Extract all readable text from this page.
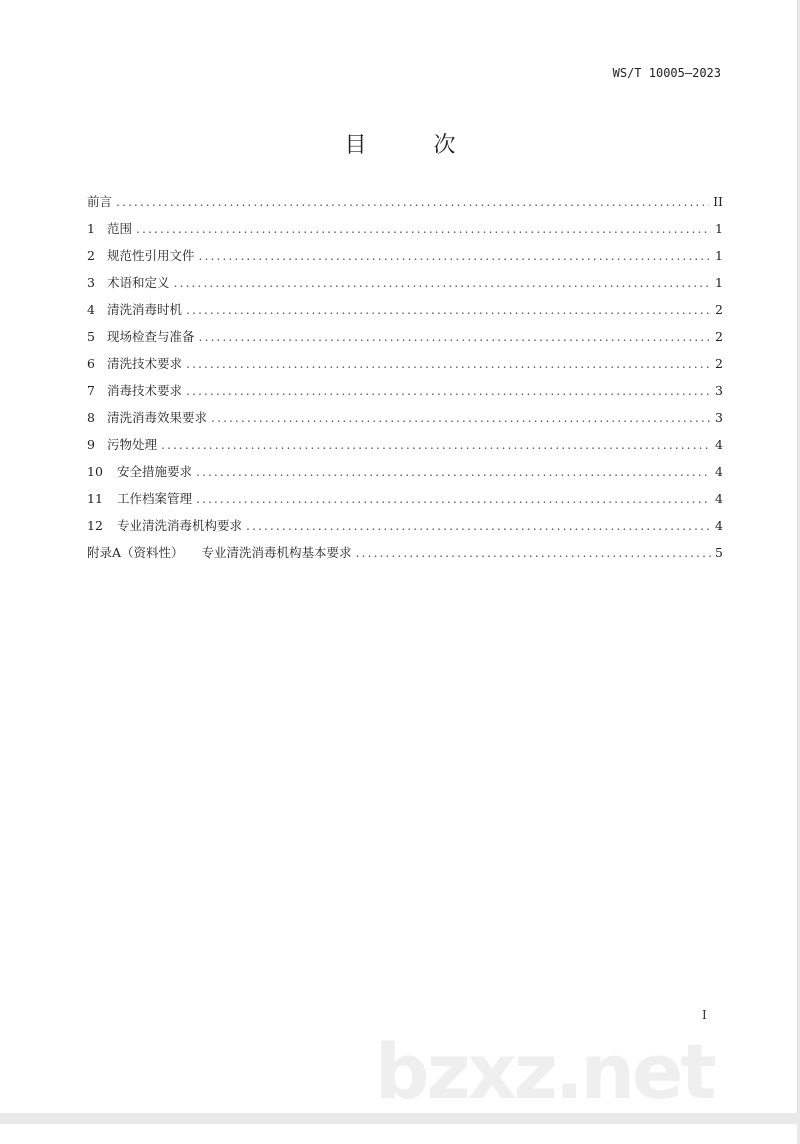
WS/T 10005—2023
目 次
前言 .....	II
1 范围 .....	1
2 规范性引用文件 .....	1
3 术语和定义 .....	1
4 清洗消毒时机 .....	2
5 现场检查与准备 .....	2
6 清洗技术要求 .....	2
7 消毒技术要求 .....	3
8 清洗消毒效果要求 .....	3
9 污物处理 .....	4
10	安全措施要求 .....	4
11	工作档案管理 .....	4
12	专业清洗消毒机构要求 .....	4
附录A（资料性） 专业清洗消毒机构基本要求 .....	5
I
bzxz.net
